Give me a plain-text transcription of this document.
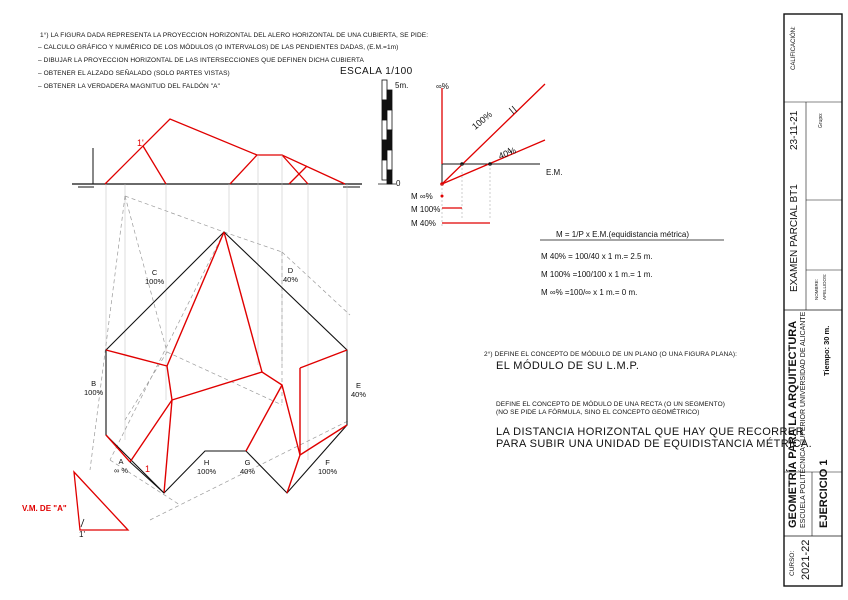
1°) LA FIGURA DADA REPRESENTA LA PROYECCION HORIZONTAL DEL ALERO HORIZONTAL DE UNA CUBIERTA, SE PIDE:
– CALCULO GRÁFICO Y NUMÉRICO DE LOS MÓDULOS (O INTERVALOS) DE LAS PENDIENTES DADAS, (E.M.=1m)
– DIBUJAR LA PROYECCION HORIZONTAL DE LAS INTERSECCIONES QUE DEFINEN DICHA CUBIERTA
– OBTENER EL ALZADO SEÑALADO (SOLO PARTES VISTAS)
– OBTENER LA VERDADERA MAGNITUD DEL FALDÓN "A"
ESCALA 1/100
5m.
0
∞%
100%
40%
E.M.
M ∞%
M 100%
M 40%
M = 1/P x E.M.(equidistancia métrica)
M 40% = 100/40 x 1 m.= 2.5 m.
M 100% =100/100 x 1 m.= 1 m.
M ∞% =100/∞ x 1 m.= 0 m.
C
100%
D
40%
B
100%
E
40%
A
∞ %
H
100%
G
40%
F
100%
1
1'
1'
V.M. DE "A"
2°) DEFINE EL CONCEPTO DE MÓDULO DE UN PLANO (O UNA FIGURA PLANA):
EL MÓDULO DE SU L.M.P.
DEFINE EL CONCEPTO DE MÓDULO DE UNA RECTA (O UN SEGMENTO)
(NO SE PIDE LA FÓRMULA, SINO EL CONCEPTO GEOMÉTRICO)
LA DISTANCIA HORIZONTAL QUE HAY QUE RECORRER
PARA SUBIR UNA UNIDAD DE EQUIDISTANCIA MÉTRICA.
CALIFICACIÓN:
23-11-21	Grupo:
EXAMEN PARCIAL BT1	NOMBRE: APELLIDOS:
GEOMETRÍA PARA LA ARQUITECTURA ESCUELA POLITÉCNICA SUPERIOR UNIVERSIDAD DE ALICANTE Tiempo: 30 m.
EJERCICIO 1
CURSO: 2021-22
